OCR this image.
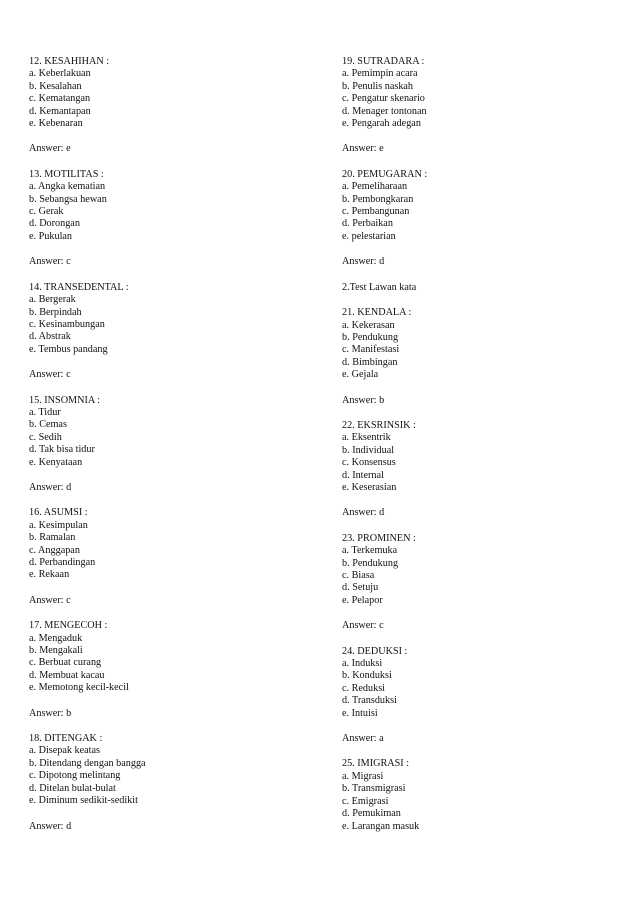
12. KESAHIHAN :
a. Keberlakuan
b. Kesalahan
c. Kematangan
d. Kemantapan
e. Kebenaran
Answer: e
13. MOTILITAS :
a. Angka kematian
b. Sebangsa hewan
c. Gerak
d. Dorongan
e. Pukulan
Answer: c
14. TRANSEDENTAL :
a. Bergerak
b. Berpindah
c. Kesinambungan
d. Abstrak
e. Tembus pandang
Answer: c
15. INSOMNIA :
a. Tidur
b. Cemas
c. Sedih
d. Tak bisa tidur
e. Kenyataan
Answer: d
16. ASUMSI :
a. Kesimpulan
b. Ramalan
c. Anggapan
d. Perbandingan
e. Rekaan
Answer: c
17. MENGECOH :
a. Mengaduk
b. Mengakali
c. Berbuat curang
d. Membuat kacau
e. Memotong kecil-kecil
Answer: b
18. DITENGAK :
a. Disepak keatas
b. Ditendang dengan bangga
c. Dipotong melintang
d. Ditelan bulat-bulat
e. Diminum sedikit-sedikit
Answer: d
19. SUTRADARA :
a. Pemimpin acara
b. Penulis naskah
c. Pengatur skenario
d. Menager tontonan
e. Pengarah adegan
Answer: e
20. PEMUGARAN :
a. Pemeliharaan
b. Pembongkaran
c. Pembangunan
d. Perbaikan
e. pelestarian
Answer: d
2.Test Lawan kata
21. KENDALA :
a. Kekerasan
b. Pendukung
c. Manifestasi
d. Bimbingan
e. Gejala
Answer: b
22. EKSRINSIK :
a. Eksentrik
b. Individual
c. Konsensus
d. Internal
e. Keserasian
Answer: d
23. PROMINEN :
a. Terkemuka
b. Pendukung
c. Biasa
d. Setuju
e. Pelapor
Answer: c
24. DEDUKSI :
a. Induksi
b. Konduksi
c. Reduksi
d. Transduksi
e. Intuisi
Answer: a
25. IMIGRASI :
a. Migrasi
b. Transmigrasi
c. Emigrasi
d. Pemukiman
e. Larangan masuk
